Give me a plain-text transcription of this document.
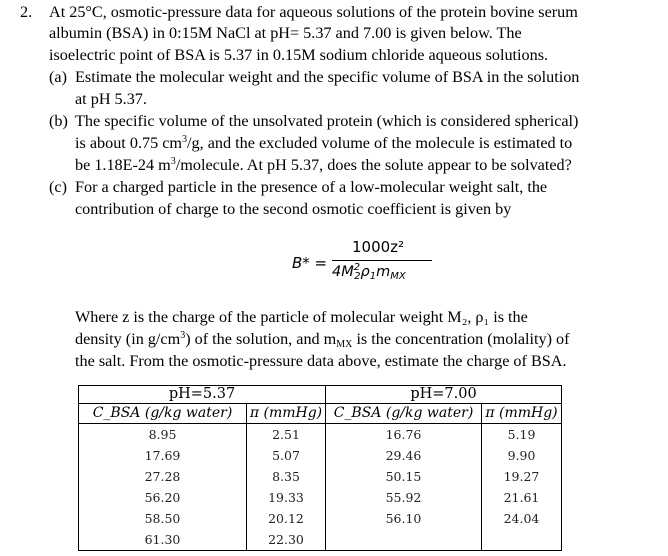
2. At 25°C, osmotic-pressure data for aqueous solutions of the protein bovine serum
albumin (BSA) in 0:15M NaCl at pH= 5.37 and 7.00 is given below. The
isoelectric point of BSA is 5.37 in 0.15M sodium chloride aqueous solutions.
(a) Estimate the molecular weight and the specific volume of BSA in the solution
at pH 5.37.
(b) The specific volume of the unsolvated protein (which is considered spherical)
is about 0.75 $cm^3/g$, and the excluded volume of the molecule is estimated to
be 1.18E-24 $m^3$/molecule. At pH 5.37, does the solute appear to be solvated?
(c) For a charged particle in the presence of a low-molecular weight salt, the
contribution of charge to the second osmotic coefficient is given by
B* =
1000z²
$4M^2_2\rho_1m_{MX}$
Where z is the charge of the particle of molecular weight M₂, ρ₁ is the
density (in $g/cm^3$) of the solution, and $m_{MX}$ is the concentration (molality) of
the salt. From the osmotic-pressure data above, estimate the charge of BSA.
pH=5.37		pH=7.00	
C_BSA (g/kg water)	π (mmHg)	C_BSA (g/kg water)	π (mmHg)
8.95	2.51	16.76	5.19
17.69	5.07	29.46	9.90
27.28	8.35	50.15	19.27
56.20	19.33	55.92	21.61
58.50	20.12	56.10	24.04
61.30	22.30		
